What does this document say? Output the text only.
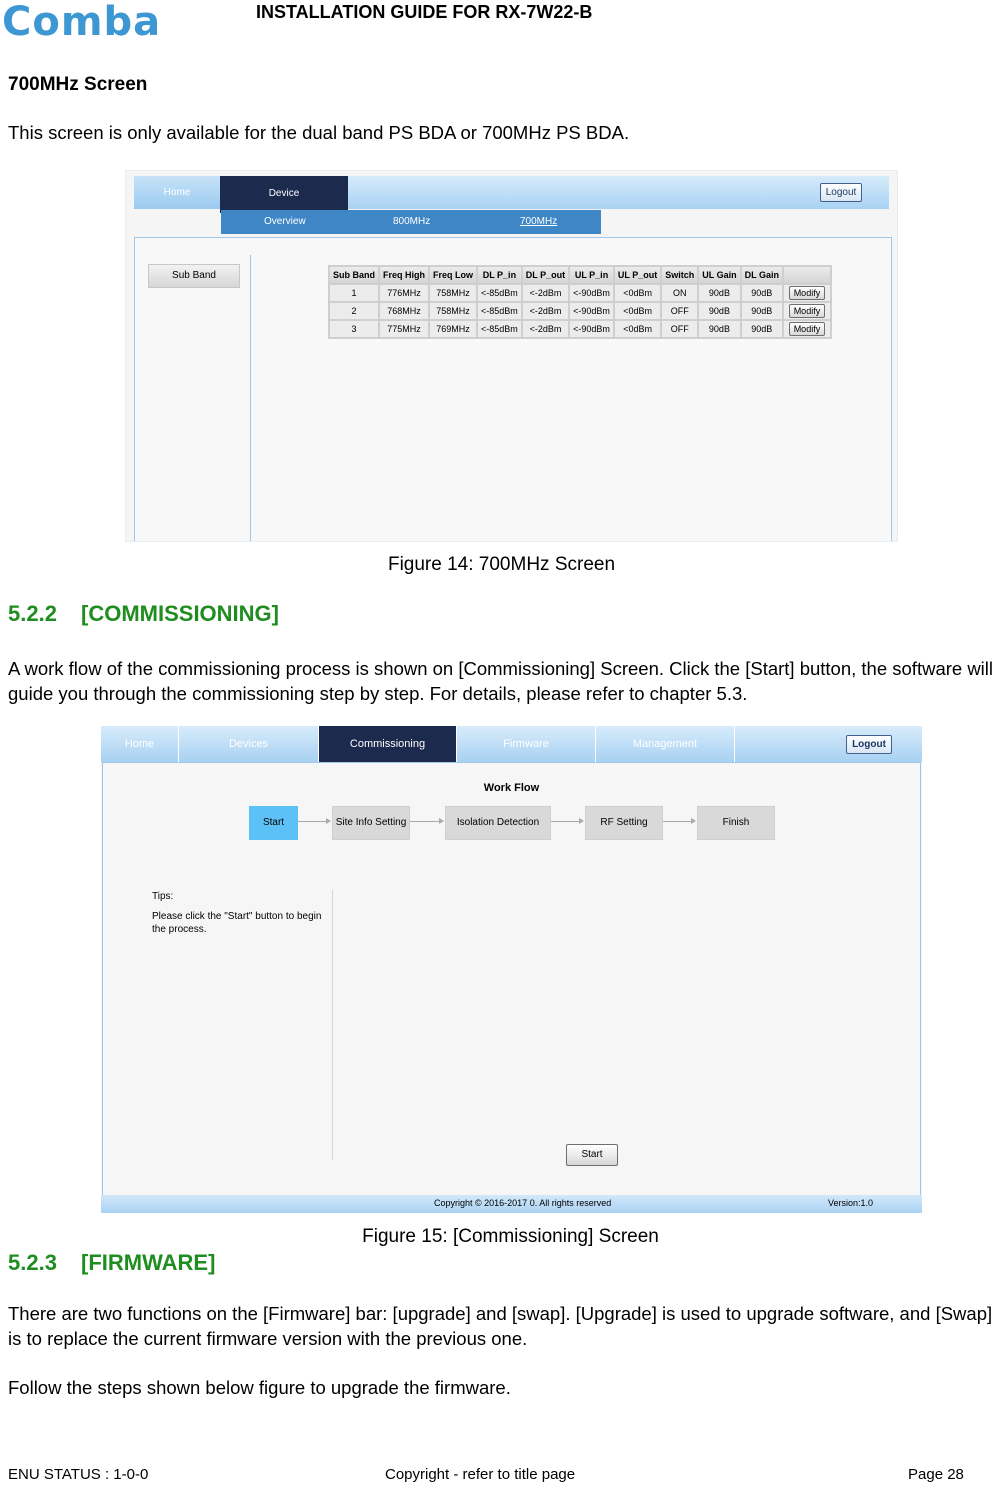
Comba	INSTALLATION GUIDE FOR RX-7W22-B
700MHz Screen
This screen is only available for the dual band PS BDA or 700MHz PS BDA.
Home	Device	Logout
Overview	800MHz	700MHz
Sub Band	Sub Band	Freq High	Freq Low	DL P_in	DL P_out	UL P_in	UL P_out	Switch	UL Gain	DL Gain	
1	776MHz	758MHz	<-85dBm	<-2dBm	<-90dBm	<0dBm	ON	90dB	90dB	Modify
2	768MHz	758MHz	<-85dBm	<-2dBm	<-90dBm	<0dBm	OFF	90dB	90dB	Modify
3	775MHz	769MHz	<-85dBm	<-2dBm	<-90dBm	<0dBm	OFF	90dB	90dB	Modify
Figure 14: 700MHz Screen
5.2.2 [COMMISSIONING]
A work flow of the commissioning process is shown on [Commissioning] Screen. Click the [Start] button, the software will guide you through the commissioning step by step. For details, please refer to chapter 5.3.
Home	Devices	Commissioning	Firmware	Management	Logout
Work Flow
Start	Site Info Setting	Isolation Detection	RF Setting	Finish
Tips:
Please click the "Start" button to begin the process.
Start
Copyright © 2016-2017 0. All rights reserved	Version:1.0
Figure 15: [Commissioning] Screen
5.2.3 [FIRMWARE]
There are two functions on the [Firmware] bar: [upgrade] and [swap]. [Upgrade] is used to upgrade software, and [Swap] is to replace the current firmware version with the previous one.
Follow the steps shown below figure to upgrade the firmware.
ENU STATUS : 1-0-0	Copyright - refer to title page	Page 28
